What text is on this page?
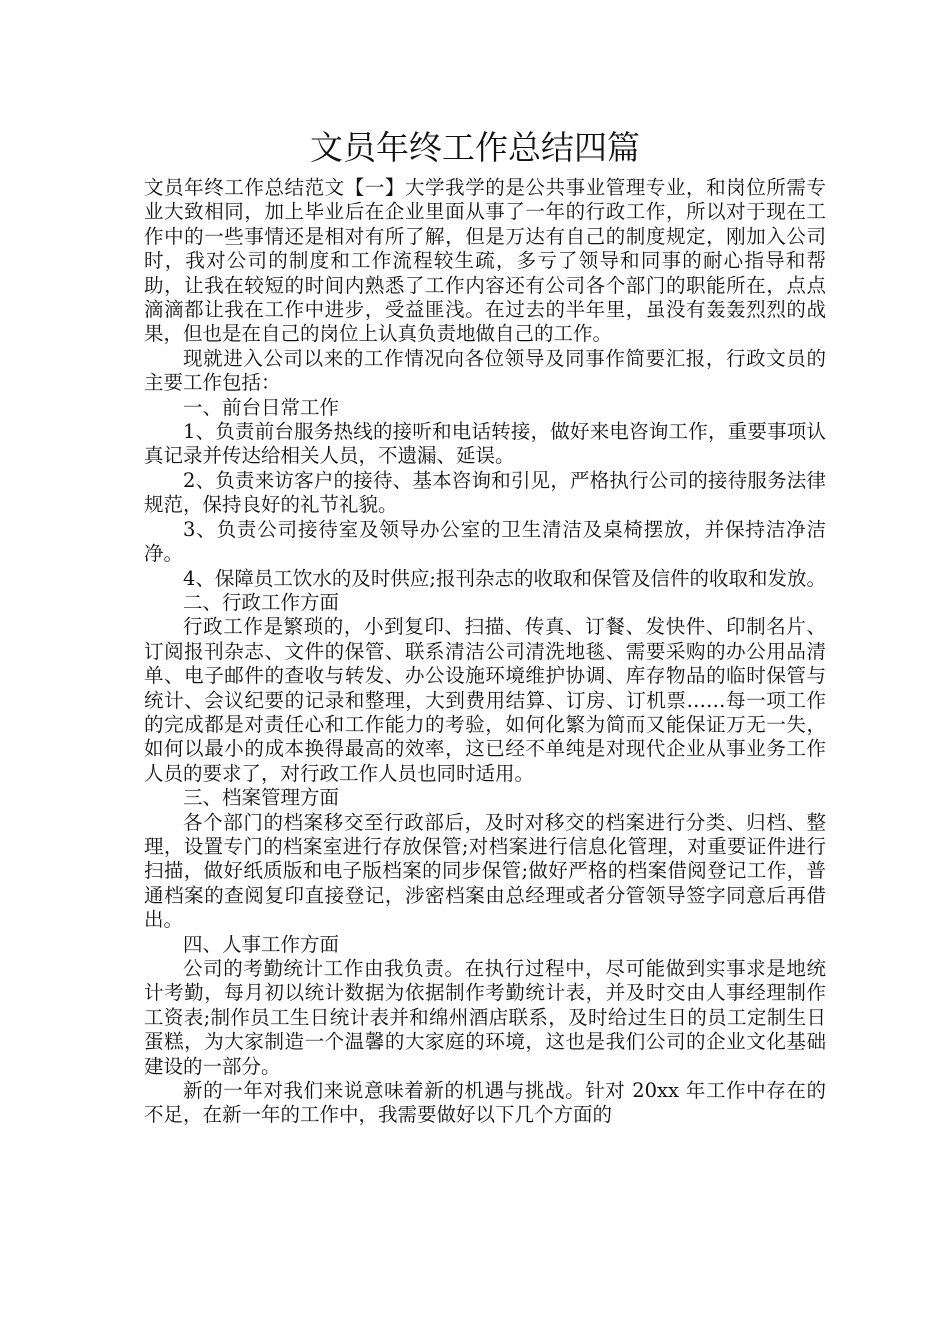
文员年终工作总结四篇

文员年终工作总结范文【一】大学我学的是公共事业管理专业，和岗位所需专业大致相同，加上毕业后在企业里面从事了一年的行政工作，所以对于现在工作中的一些事情还是相对有所了解，但是万达有自己的制度规定，刚加入公司时，我对公司的制度和工作流程较生疏，多亏了领导和同事的耐心指导和帮助，让我在较短的时间内熟悉了工作内容还有公司各个部门的职能所在，点点滴滴都让我在工作中进步，受益匪浅。在过去的半年里，虽没有轰轰烈烈的战果，但也是在自己的岗位上认真负责地做自己的工作。

现就进入公司以来的工作情况向各位领导及同事作简要汇报，行政文员的主要工作包括：

一、前台日常工作

1、负责前台服务热线的接听和电话转接，做好来电咨询工作，重要事项认真记录并传达给相关人员，不遗漏、延误。

2、负责来访客户的接待、基本咨询和引见，严格执行公司的接待服务法律规范，保持良好的礼节礼貌。

3、负责公司接待室及领导办公室的卫生清洁及桌椅摆放，并保持洁净洁净。

4、保障员工饮水的及时供应;报刊杂志的收取和保管及信件的收取和发放。

二、行政工作方面

行政工作是繁琐的，小到复印、扫描、传真、订餐、发快件、印制名片、订阅报刊杂志、文件的保管、联系清洁公司清洗地毯、需要采购的办公用品清单、电子邮件的查收与转发、办公设施环境维护协调、库存物品的临时保管与统计、会议纪要的记录和整理，大到费用结算、订房、订机票……每一项工作的完成都是对责任心和工作能力的考验，如何化繁为简而又能保证万无一失，如何以最小的成本换得最高的效率，这已经不单纯是对现代企业从事业务工作人员的要求了，对行政工作人员也同时适用。

三、档案管理方面

各个部门的档案移交至行政部后，及时对移交的档案进行分类、归档、整理，设置专门的档案室进行存放保管;对档案进行信息化管理，对重要证件进行扫描，做好纸质版和电子版档案的同步保管;做好严格的档案借阅登记工作，普通档案的查阅复印直接登记，涉密档案由总经理或者分管领导签字同意后再借出。

四、人事工作方面

公司的考勤统计工作由我负责。在执行过程中，尽可能做到实事求是地统计考勤，每月初以统计数据为依据制作考勤统计表，并及时交由人事经理制作工资表;制作员工生日统计表并和绵州酒店联系，及时给过生日的员工定制生日蛋糕，为大家制造一个温馨的大家庭的环境，这也是我们公司的企业文化基础建设的一部分。

新的一年对我们来说意味着新的机遇与挑战。针对 20xx 年工作中存在的不足，在新一年的工作中，我需要做好以下几个方面的
